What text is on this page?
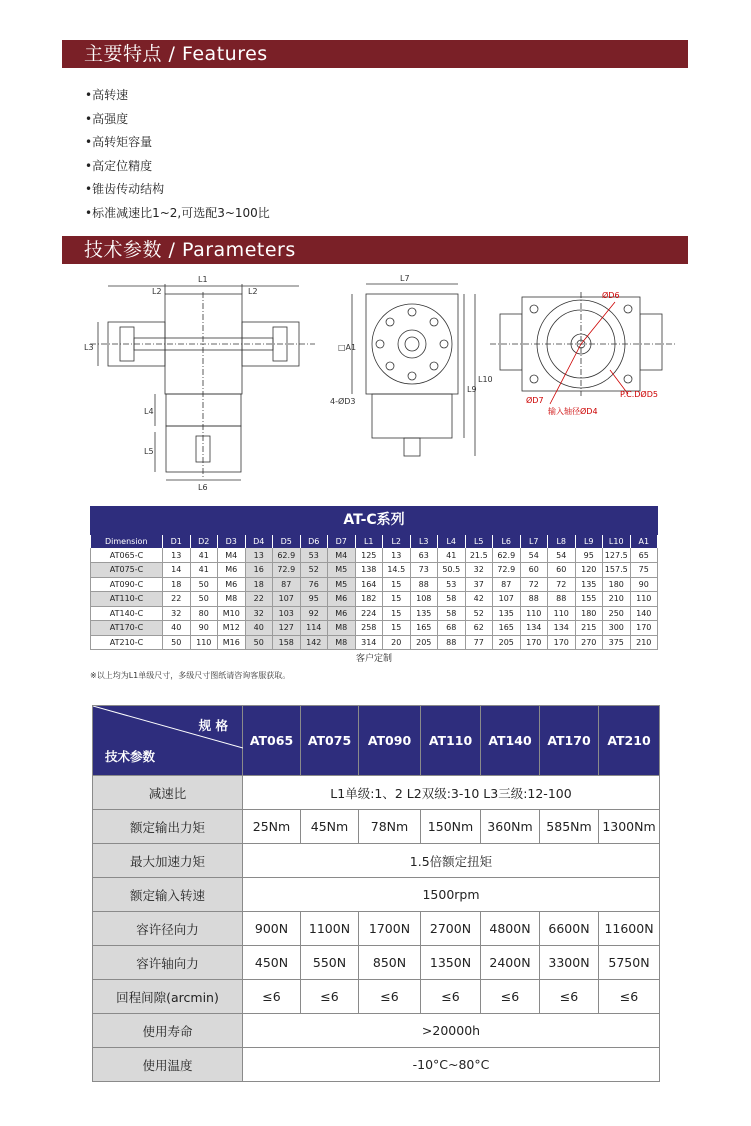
主要特点 / Features
•高转速
•高强度
•高转矩容量
•高定位精度
•锥齿传动结构
•标准减速比1~2,可选配3~100比
技术参数 / Parameters
L1
L2	L2
L3
L4
L5
L6
L7
□A1
4-ØD3
L9
L10
ØD6
ØD7
P.C.DØD5
输入轴径ØD4
AT-C系列
Dimension	D1	D2	D3	D4	D5	D6	D7	L1	L2	L3	L4	L5	L6	L7	L8	L9	L10	A1
AT065-C	13	41	M4	13	62.9	53	M4	125	13	63	41	21.5	62.9	54	54	95	127.5	65
AT075-C	14	41	M6	16	72.9	52	M5	138	14.5	73	50.5	32	72.9	60	60	120	157.5	75
AT090-C	18	50	M6	18	87	76	M5	164	15	88	53	37	87	72	72	135	180	90
AT110-C	22	50	M8	22	107	95	M6	182	15	108	58	42	107	88	88	155	210	110
AT140-C	32	80	M10	32	103	92	M6	224	15	135	58	52	135	110	110	180	250	140
AT170-C	40	90	M12	40	127	114	M8	258	15	165	68	62	165	134	134	215	300	170
AT210-C	50	110	M16	50	158	142	M8	314	20	205	88	77	205	170	170	270	375	210
客户定制																		
※以上均为L1单级尺寸，多级尺寸图纸请咨询客服获取。
规 格
技术参数	AT065	AT075	AT090	AT110	AT140	AT170	AT210
减速比	L1单级:1、2 L2双级:3-10 L3三级:12-100						
额定输出力矩	25Nm	45Nm	78Nm	150Nm	360Nm	585Nm	1300Nm
最大加速力矩	1.5倍额定扭矩						
额定输入转速	1500rpm						
容许径向力	900N	1100N	1700N	2700N	4800N	6600N	11600N
容许轴向力	450N	550N	850N	1350N	2400N	3300N	5750N
回程间隙(arcmin)	≤6	≤6	≤6	≤6	≤6	≤6	≤6
使用寿命	>20000h						
使用温度	-10°C~80°C						
